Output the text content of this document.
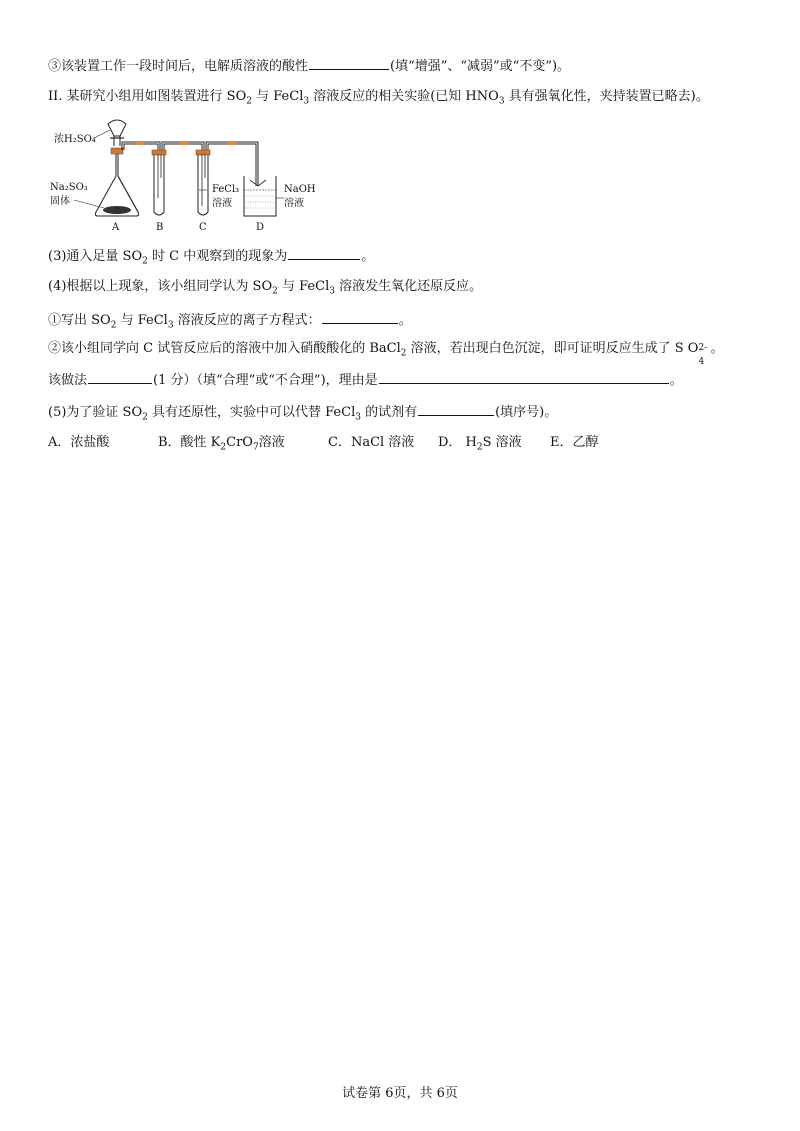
③该装置工作一段时间后，电解质溶液的酸性	(填“增强”、“减弱”或“不变”)。
II. 某研究小组用如图装置进行 $SO_2$ 与 FeCl$_3$ 溶液反应的相关实验(已知 $HNO_3$ 具有强氧化性，夹持装置已略去)。
浓H₂SO₄
Na₂SO₃
固体
FeCl₃
溶液
NaOH
溶液
A	B	C	D
(3)通入足量 $SO_2$ 时 C 中观察到的现象为	。
(4)根据以上现象，该小组同学认为 $SO_2$ 与 FeCl$_3$ 溶液发生氧化还原反应。
①写出 $SO_2$ 与 FeCl$_3$ 溶液反应的离子方程式：	。
②该小组同学向 C 试管反应后的溶液中加入硝酸酸化的 BaCl$_2$ 溶液，若出现白色沉淀，即可证明反应生成了 S O 2-
4
。
该做法	(1 分）（填“合理”或“不合理”)，理由是	。
(5)为了验证 $SO_2$ 具有还原性，实验中可以代替 FeCl$_3$ 的试剂有	(填序号)。
A．浓盐酸	B．酸性 $K_2CrO_7$溶液	C．NaCl 溶液 D． $H_2S$ 溶液 E．乙醇
试卷第 6页，共 6页
